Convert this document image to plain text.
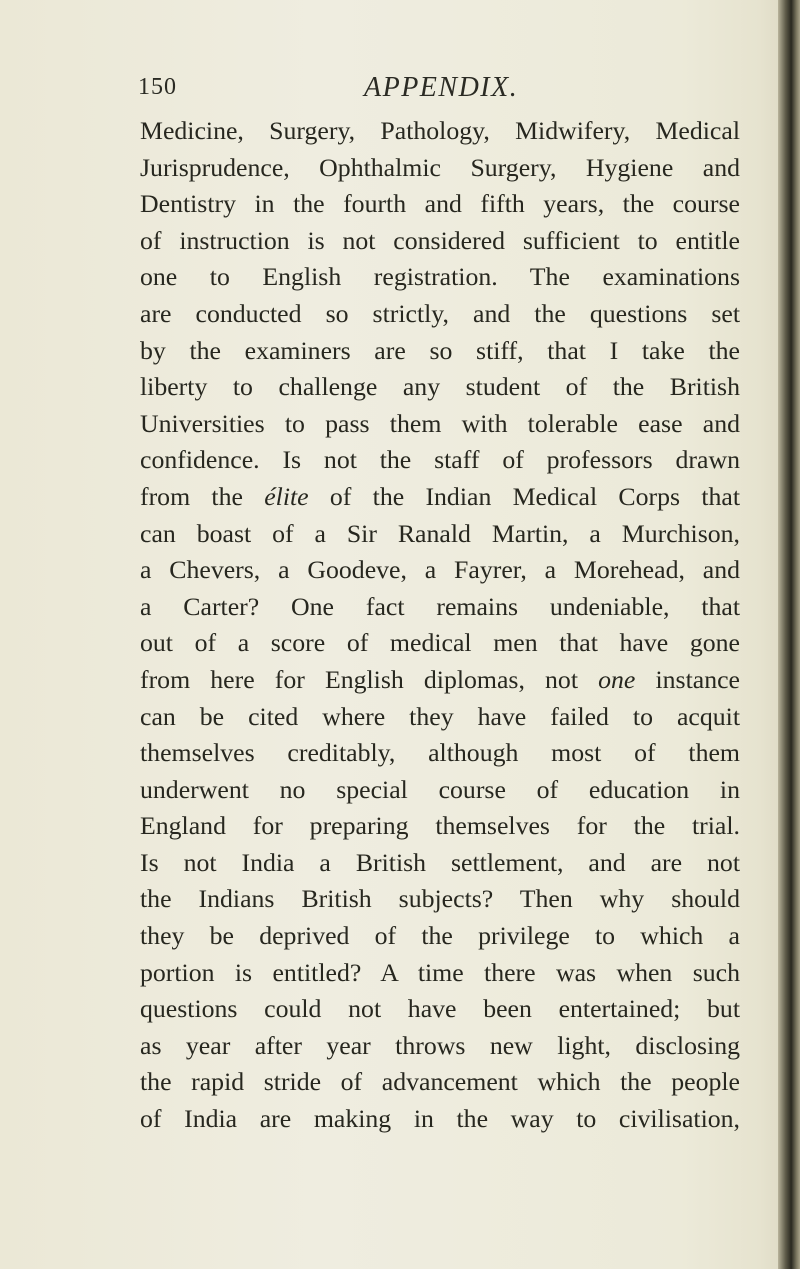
150	APPENDIX.
Medicine, Surgery, Pathology, Midwifery, Medical
Jurisprudence, Ophthalmic Surgery, Hygiene and
Dentistry in the fourth and fifth years, the course
of instruction is not considered sufficient to entitle
one to English registration. The examinations
are conducted so strictly, and the questions set
by the examiners are so stiff, that I take the
liberty to challenge any student of the British
Universities to pass them with tolerable ease and
confidence. Is not the staff of professors drawn
from the élite of the Indian Medical Corps that
can boast of a Sir Ranald Martin, a Murchison,
a Chevers, a Goodeve, a Fayrer, a Morehead, and
a Carter? One fact remains undeniable, that
out of a score of medical men that have gone
from here for English diplomas, not one instance
can be cited where they have failed to acquit
themselves creditably, although most of them
underwent no special course of education in
England for preparing themselves for the trial.
Is not India a British settlement, and are not
the Indians British subjects? Then why should
they be deprived of the privilege to which a
portion is entitled? A time there was when such
questions could not have been entertained; but
as year after year throws new light, disclosing
the rapid stride of advancement which the people
of India are making in the way to civilisation,
